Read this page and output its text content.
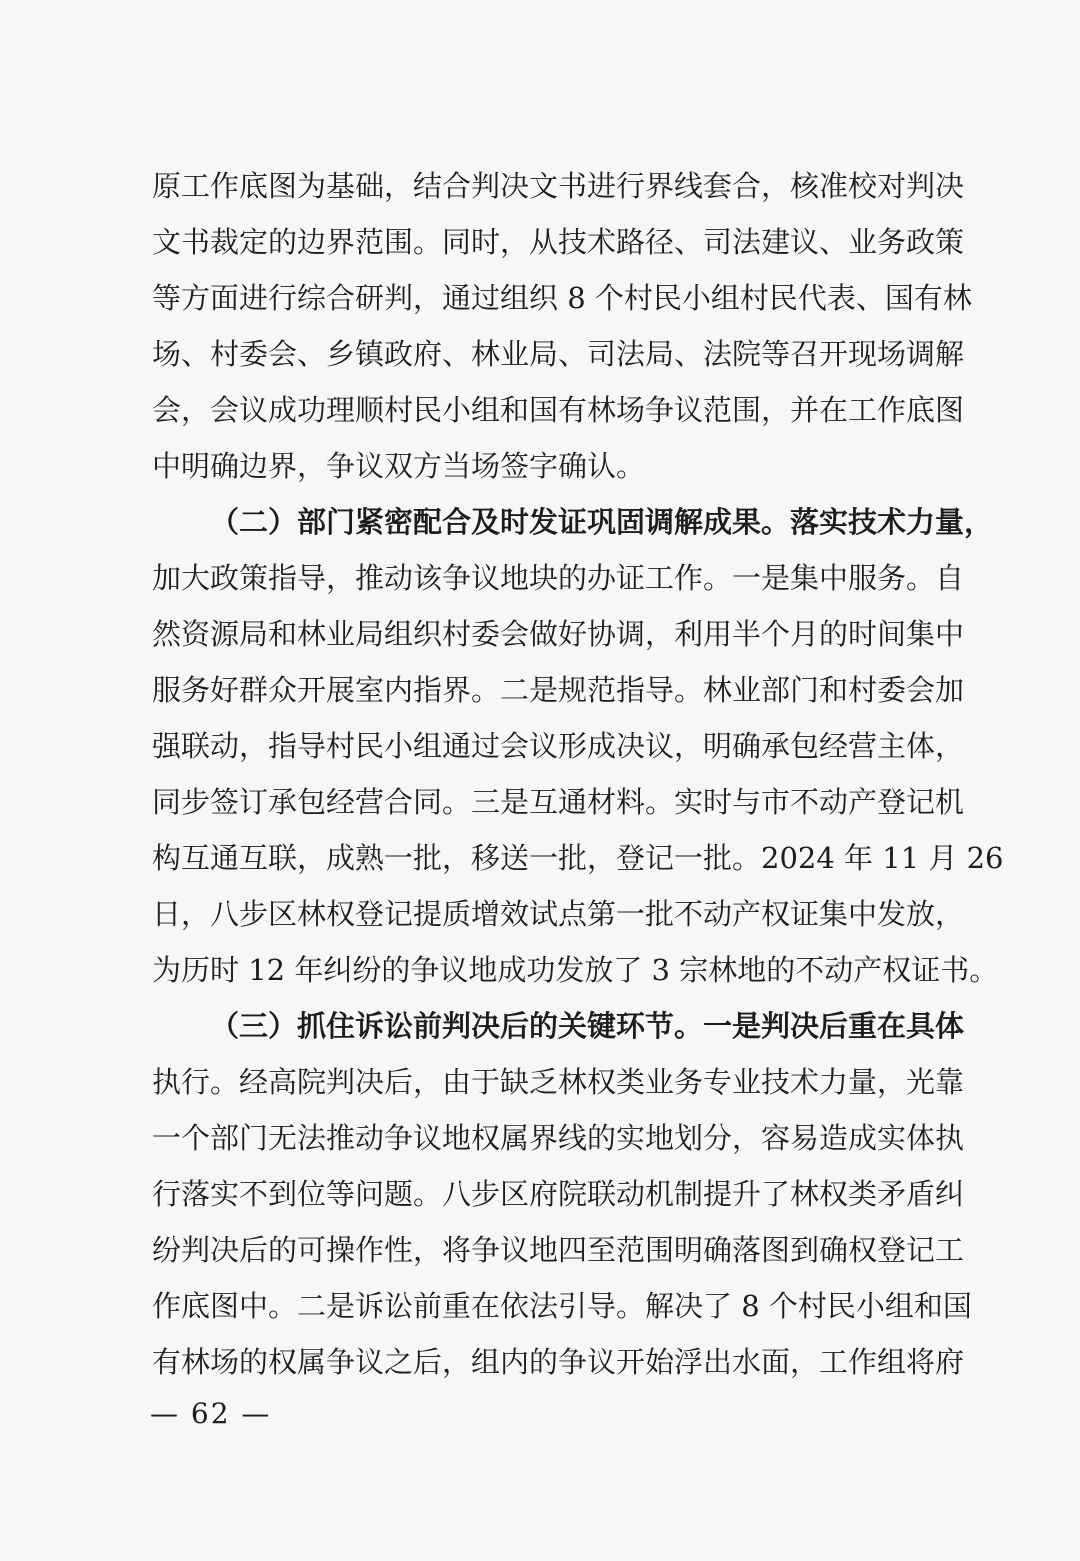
原工作底图为基础，结合判决文书进行界线套合，核准校对判决
文书裁定的边界范围。同时，从技术路径、司法建议、业务政策
等方面进行综合研判，通过组织 8 个村民小组村民代表、国有林
场、村委会、乡镇政府、林业局、司法局、法院等召开现场调解
会，会议成功理顺村民小组和国有林场争议范围，并在工作底图
中明确边界，争议双方当场签字确认。
（二）部门紧密配合及时发证巩固调解成果。落实技术力量，
加大政策指导，推动该争议地块的办证工作。一是集中服务。自
然资源局和林业局组织村委会做好协调，利用半个月的时间集中
服务好群众开展室内指界。二是规范指导。林业部门和村委会加
强联动，指导村民小组通过会议形成决议，明确承包经营主体，
同步签订承包经营合同。三是互通材料。实时与市不动产登记机
构互通互联，成熟一批，移送一批，登记一批。2024 年 11 月 26
日，八步区林权登记提质增效试点第一批不动产权证集中发放，
为历时 12 年纠纷的争议地成功发放了 3 宗林地的不动产权证书。
（三）抓住诉讼前判决后的关键环节。一是判决后重在具体
执行。经高院判决后，由于缺乏林权类业务专业技术力量，光靠
一个部门无法推动争议地权属界线的实地划分，容易造成实体执
行落实不到位等问题。八步区府院联动机制提升了林权类矛盾纠
纷判决后的可操作性，将争议地四至范围明确落图到确权登记工
作底图中。二是诉讼前重在依法引导。解决了 8 个村民小组和国
有林场的权属争议之后，组内的争议开始浮出水面，工作组将府
— 62 —
